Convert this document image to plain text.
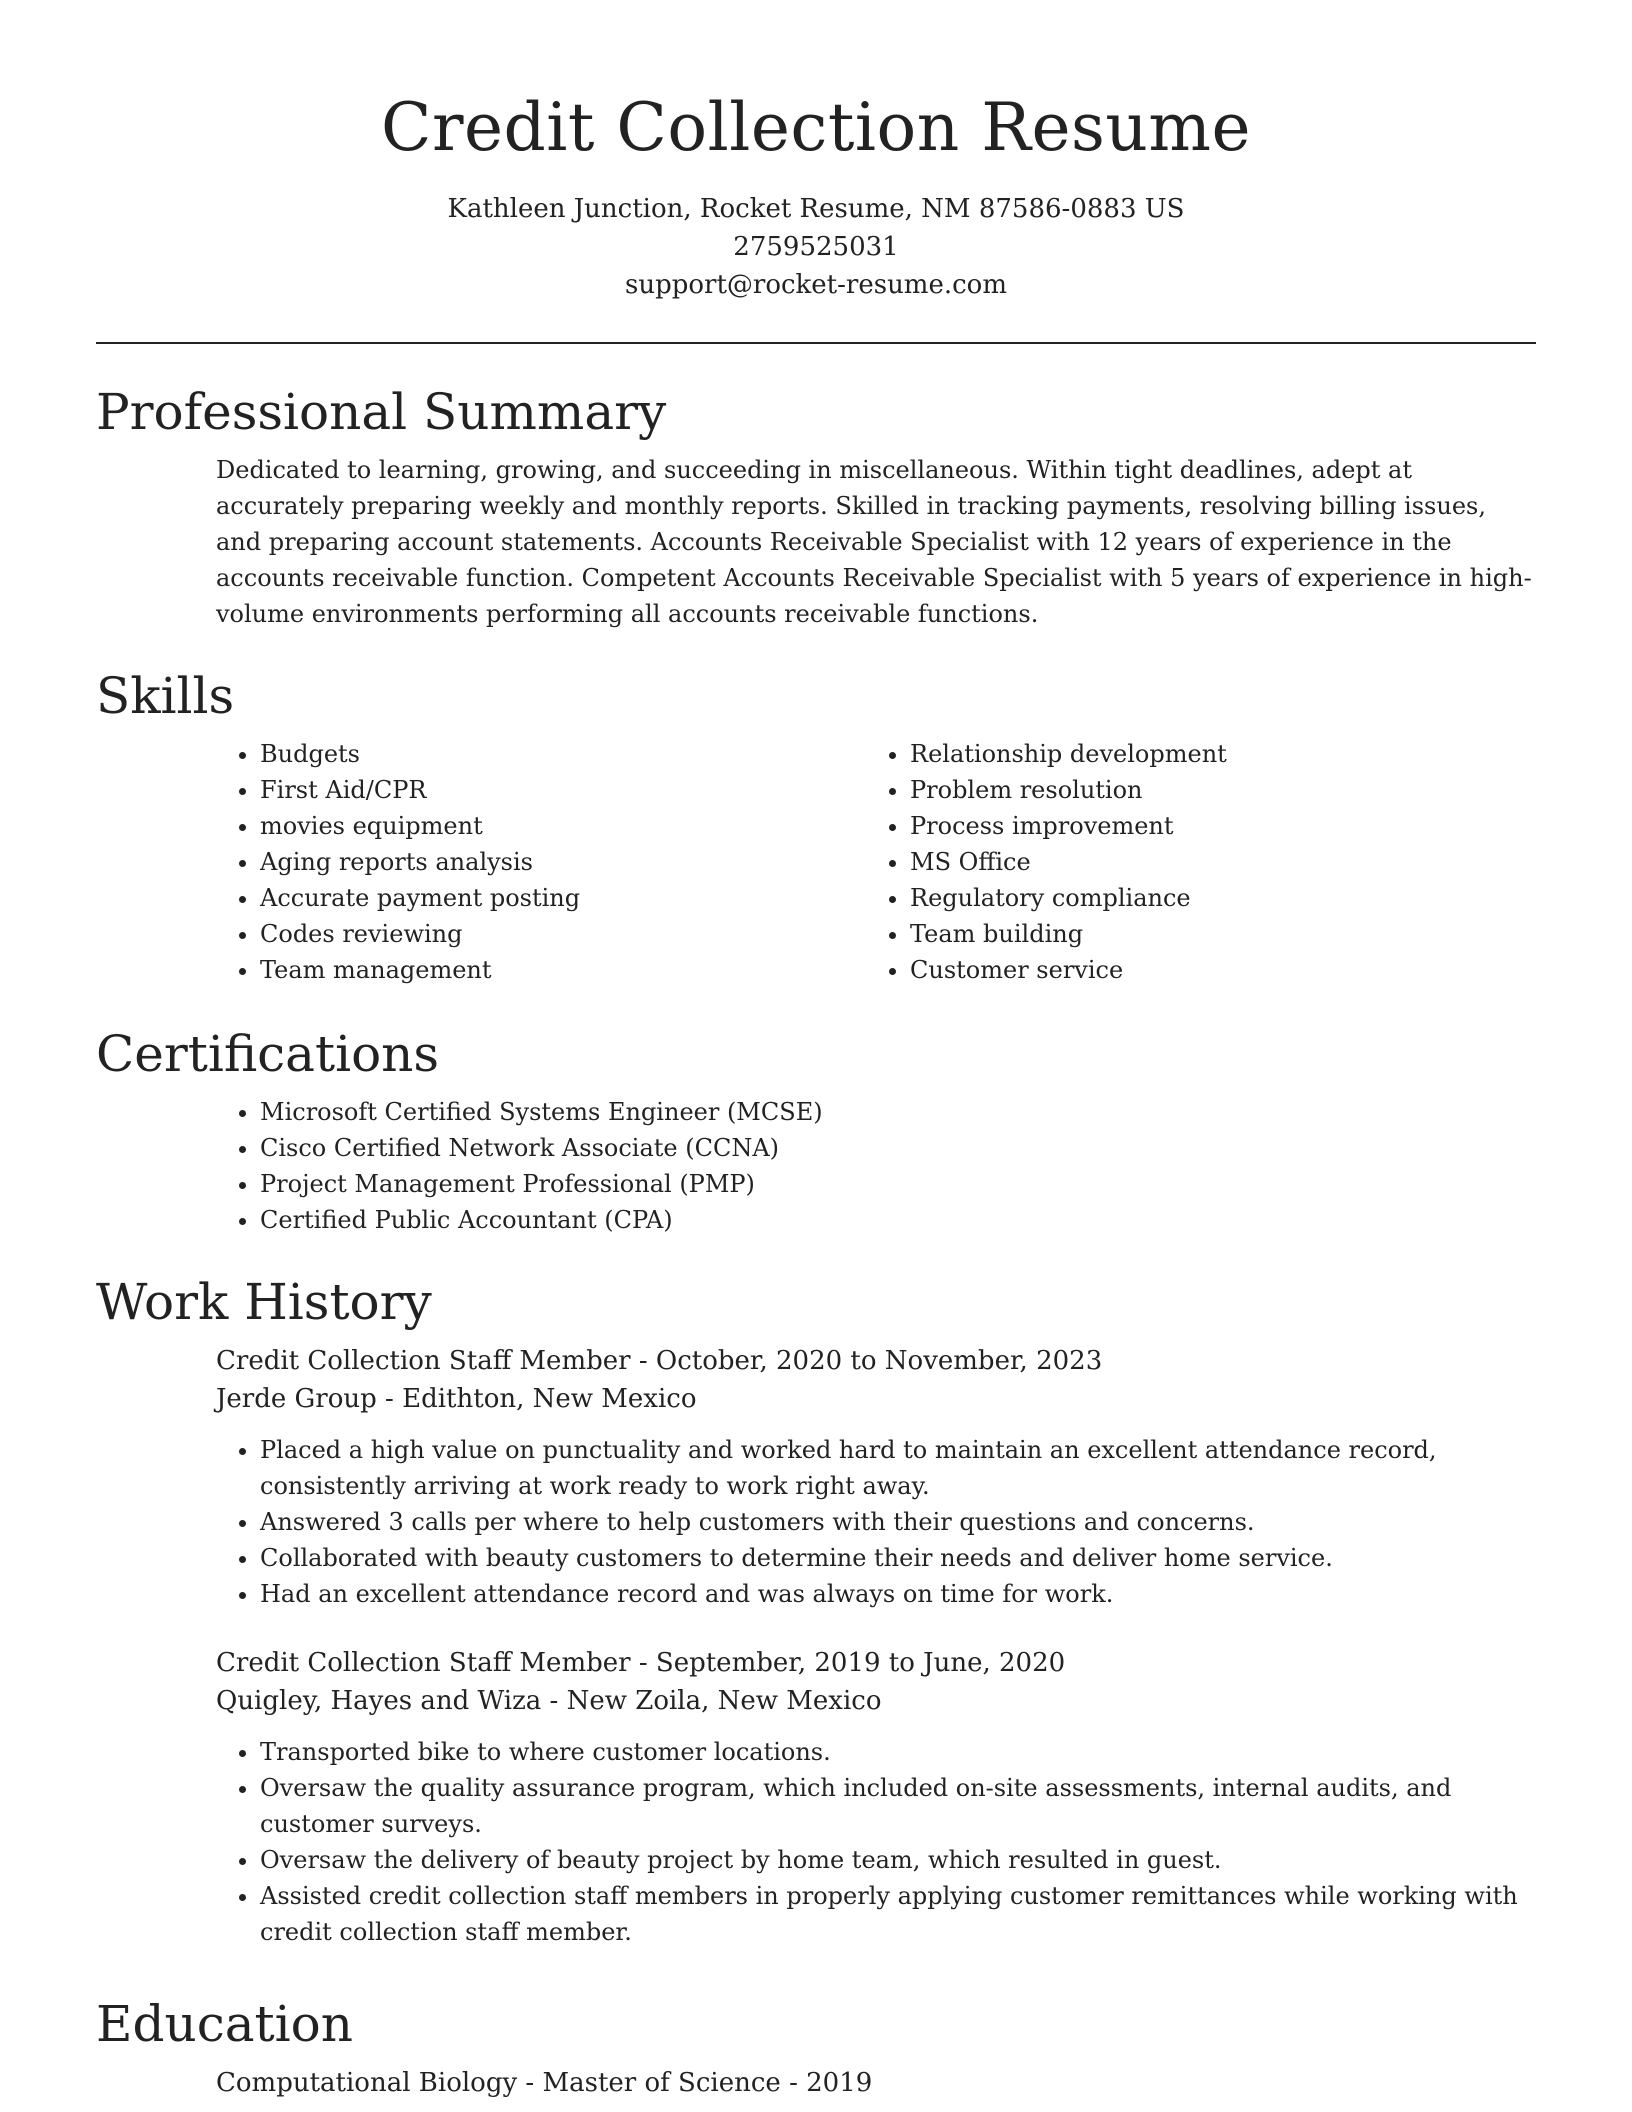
Credit Collection Resume

Kathleen Junction, Rocket Resume, NM 87586-0883 US

2759525031

support@rocket-resume.com

Professional Summary

Dedicated to learning, growing, and succeeding in miscellaneous. Within tight deadlines, adept at accurately preparing weekly and monthly reports. Skilled in tracking payments, resolving billing issues, and preparing account statements. Accounts Receivable Specialist with 12 years of experience in the accounts receivable function. Competent Accounts Receivable Specialist with 5 years of experience in high-volume environments performing all accounts receivable functions.

Skills
• Budgets
• First Aid/CPR
• movies equipment
• Aging reports analysis
• Accurate payment posting
• Codes reviewing
• Team management
• Relationship development
• Problem resolution
• Process improvement
• MS Office
• Regulatory compliance
• Team building
• Customer service
Certifications
• Microsoft Certified Systems Engineer (MCSE)
• Cisco Certified Network Associate (CCNA)
• Project Management Professional (PMP)
• Certified Public Accountant (CPA)
Work History

Credit Collection Staff Member - October, 2020 to November, 2023

Jerde Group - Edithton, New Mexico

• Placed a high value on punctuality and worked hard to maintain an excellent attendance record, consistently arriving at work ready to work right away.
• Answered 3 calls per where to help customers with their questions and concerns.
• Collaborated with beauty customers to determine their needs and deliver home service.
• Had an excellent attendance record and was always on time for work.

Credit Collection Staff Member - September, 2019 to June, 2020

Quigley, Hayes and Wiza - New Zoila, New Mexico

• Transported bike to where customer locations.
• Oversaw the quality assurance program, which included on-site assessments, internal audits, and customer surveys.
• Oversaw the delivery of beauty project by home team, which resulted in guest.
• Assisted credit collection staff members in properly applying customer remittances while working with credit collection staff member.
Education

Computational Biology - Master of Science - 2019
